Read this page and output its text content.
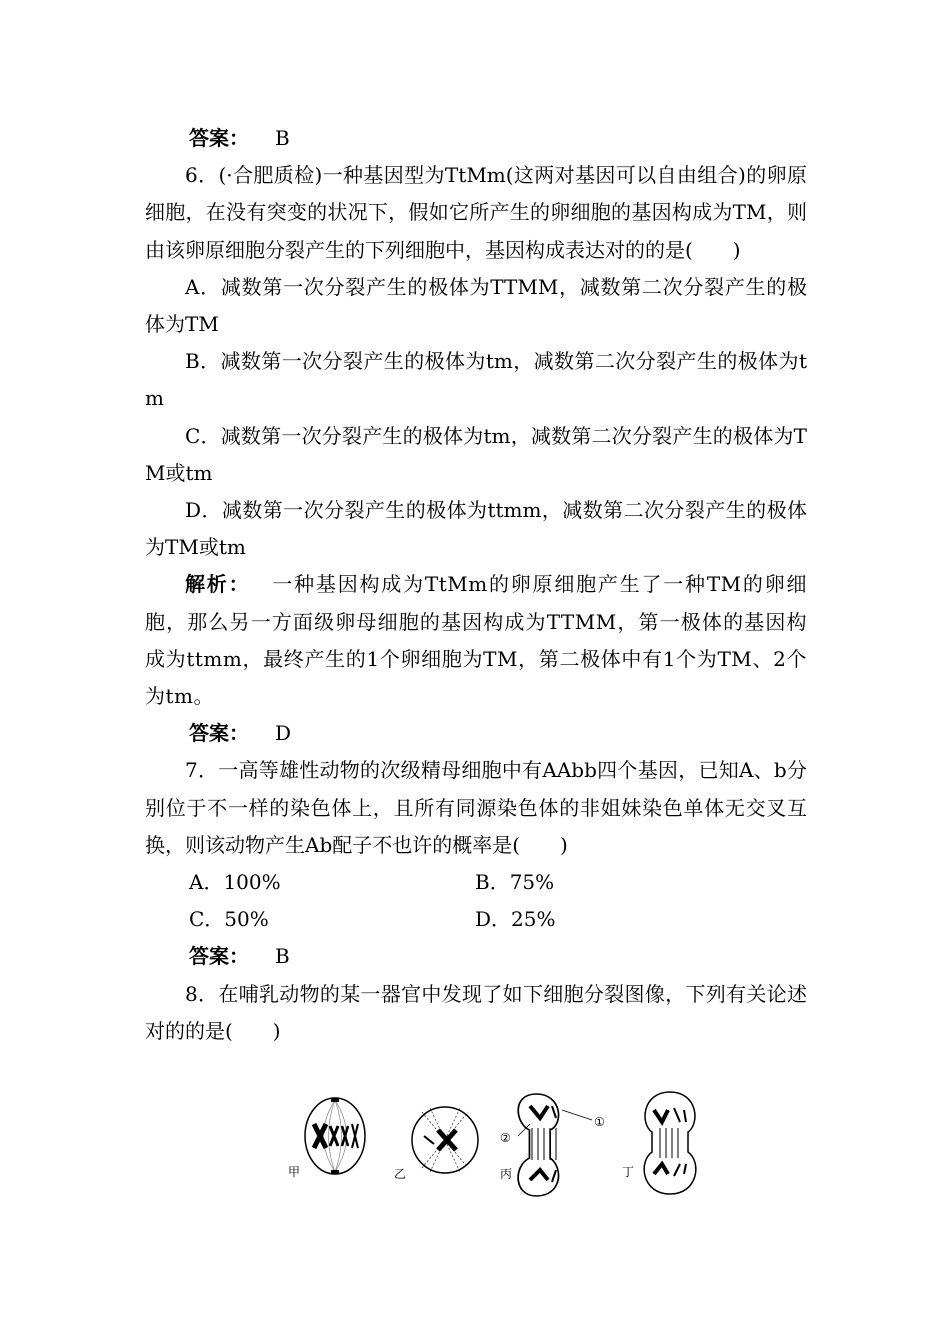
答案： B

6．(·合肥质检)一种基因型为TtMm(这两对基因可以自由组合)的卵原细胞，在没有突变的状况下，假如它所产生的卵细胞的基因构成为TM，则由该卵原细胞分裂产生的下列细胞中，基因构成表达对的的是(　　)

A．减数第一次分裂产生的极体为TTMM，减数第二次分裂产生的极体为TM

B．减数第一次分裂产生的极体为tm，减数第二次分裂产生的极体为tm

C．减数第一次分裂产生的极体为tm，减数第二次分裂产生的极体为TM或tm

D．减数第一次分裂产生的极体为ttmm，减数第二次分裂产生的极体为TM或tm

解析： 一种基因构成为TtMm的卵原细胞产生了一种TM的卵细胞，那么另一方面级卵母细胞的基因构成为TTMM，第一极体的基因构成为ttmm，最终产生的1个卵细胞为TM，第二极体中有1个为TM、2个为tm。

答案： D

7．一高等雄性动物的次级精母细胞中有AAbb四个基因，已知A、b分别位于不一样的染色体上，且所有同源染色体的非姐妹染色单体无交叉互换，则该动物产生Ab配子不也许的概率是(　　)

A．100%	B．75%
C．50%	D．25%
答案： B

8．在哺乳动物的某一器官中发现了如下细胞分裂图像，下列有关论述对的的是(　　)

甲	乙
①
②
丙	丁
